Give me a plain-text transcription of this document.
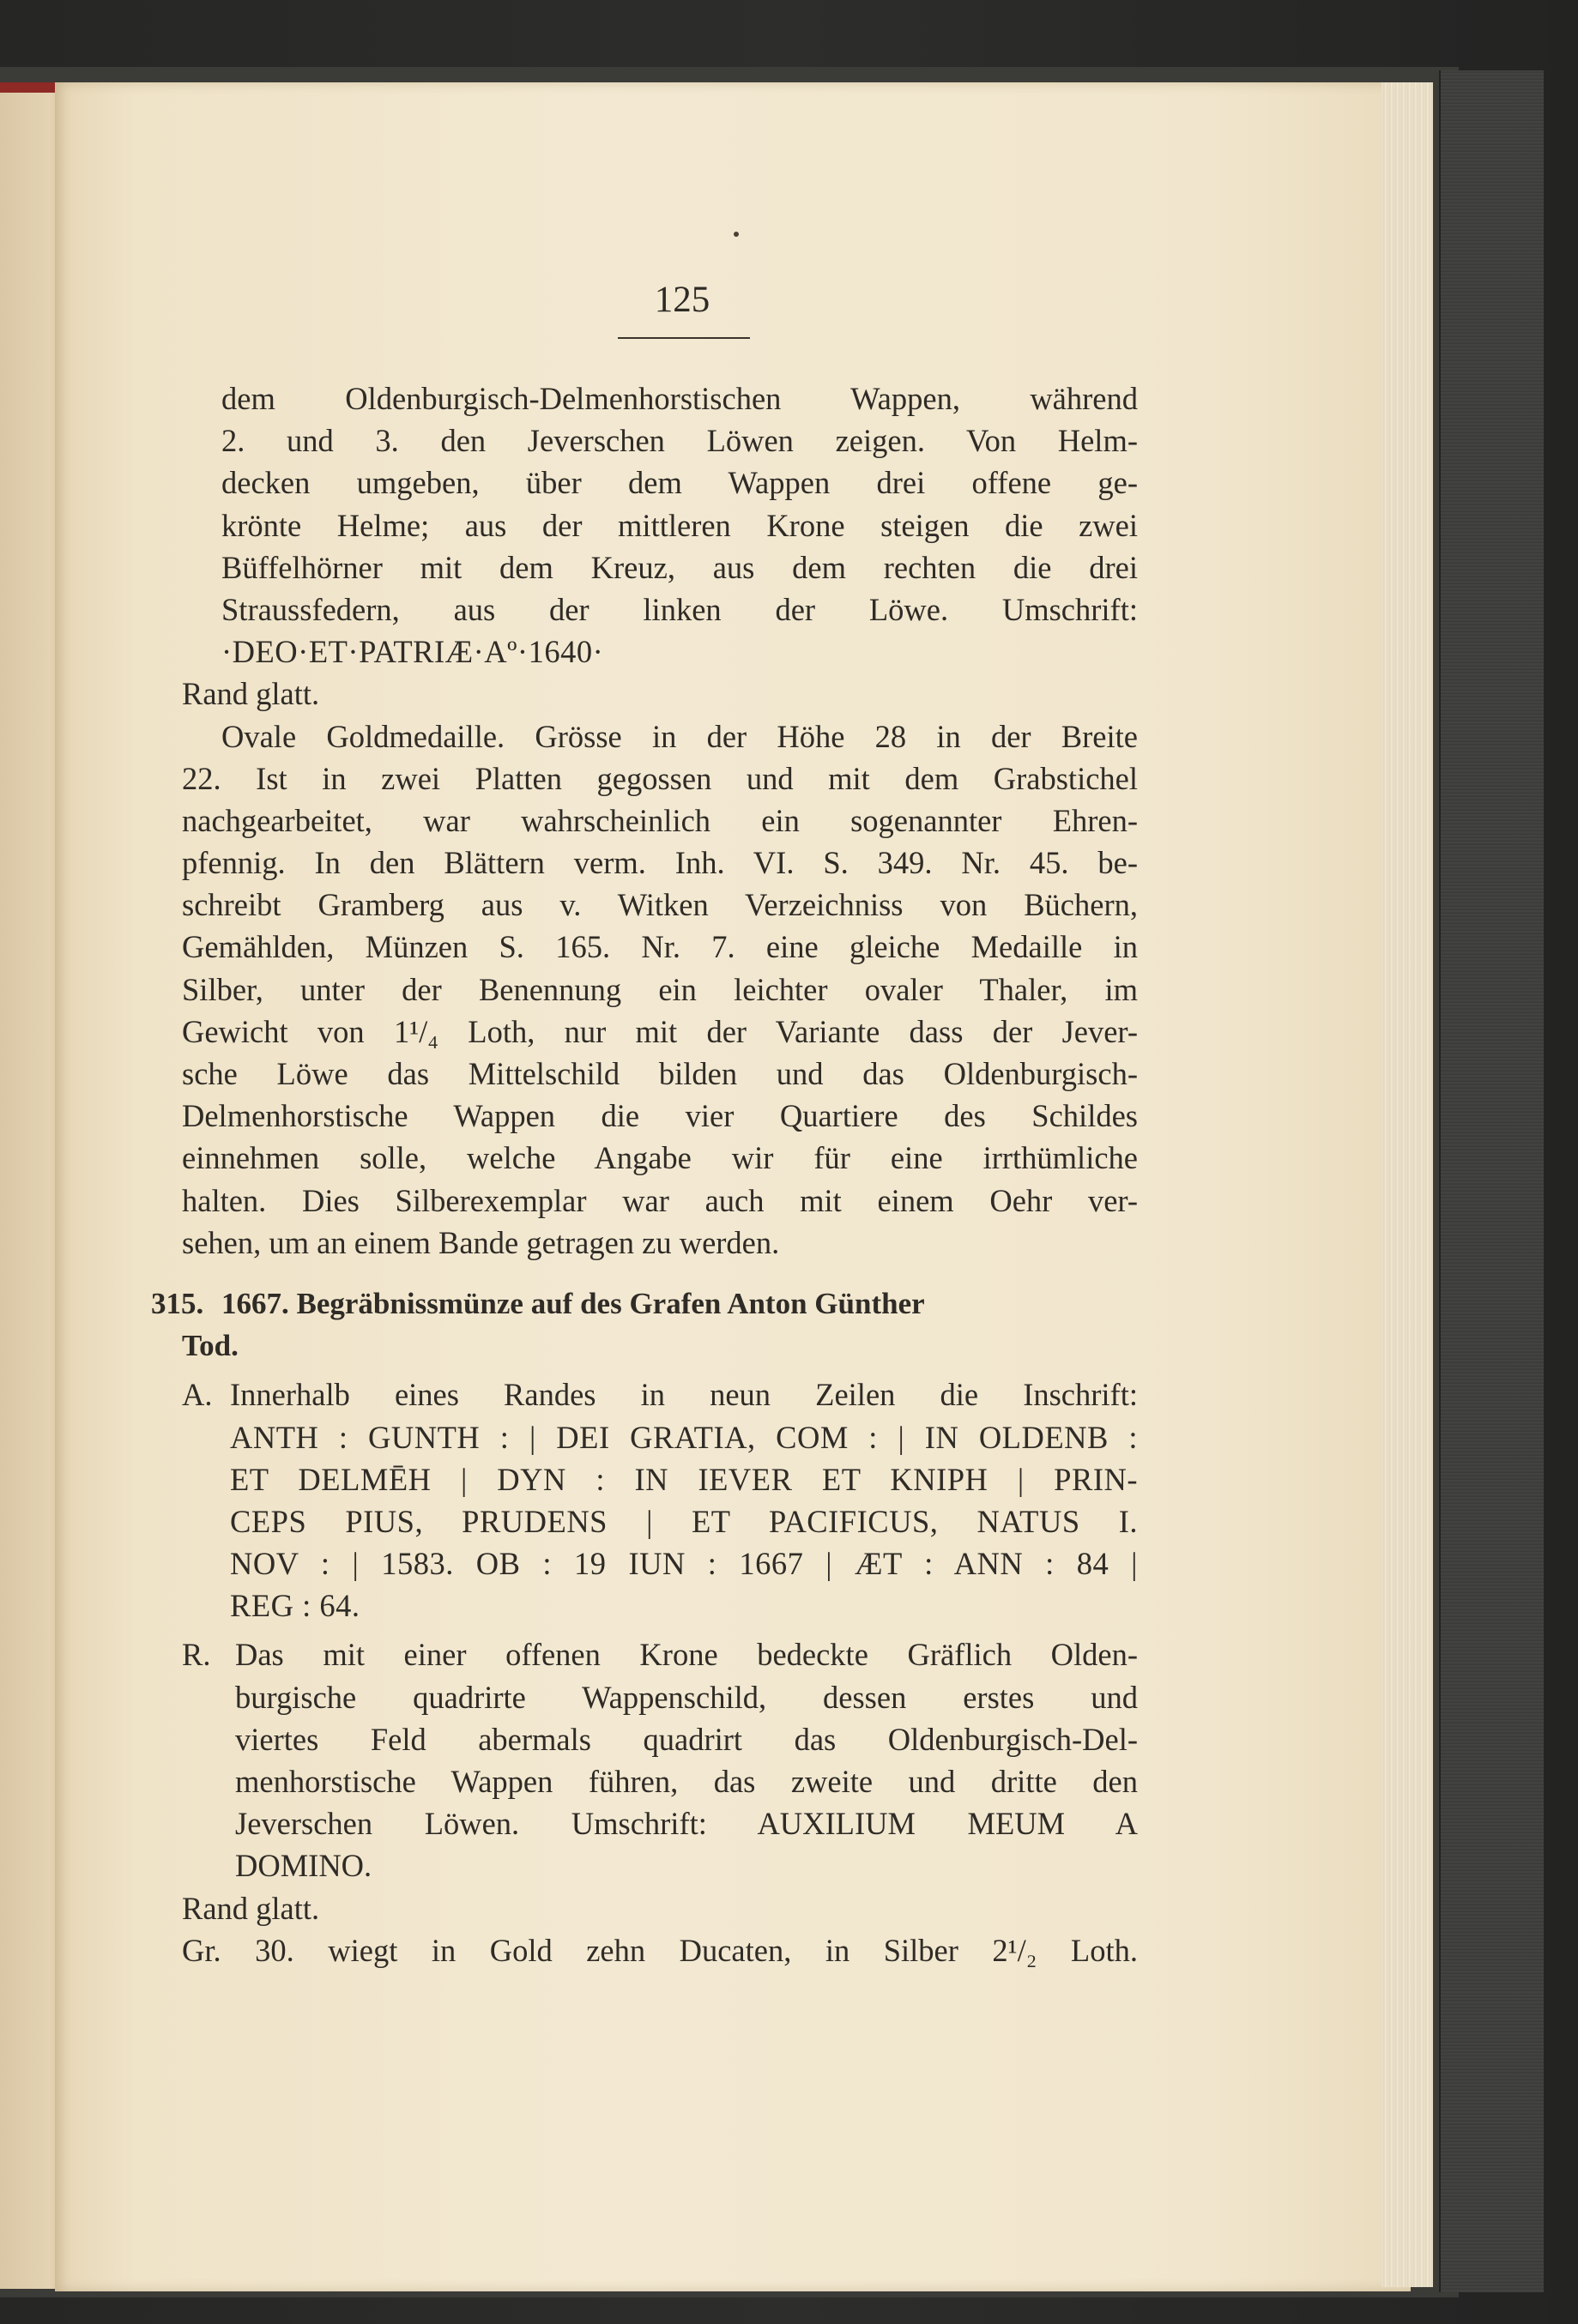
125
dem Oldenburgisch-Delmenhorstischen Wappen, während
2. und 3. den Jeverschen Löwen zeigen. Von Helm-
decken umgeben, über dem Wappen drei offene ge-
krönte Helme; aus der mittleren Krone steigen die zwei
Büffelhörner mit dem Kreuz, aus dem rechten die drei
Straussfedern, aus der linken der Löwe. Umschrift:
·DEO·ET·PATRIÆ·Aº·1640·
Rand glatt.
Ovale Goldmedaille. Grösse in der Höhe 28 in der Breite
22. Ist in zwei Platten gegossen und mit dem Grabstichel
nachgearbeitet, war wahrscheinlich ein sogenannter Ehren-
pfennig. In den Blättern verm. Inh. VI. S. 349. Nr. 45. be-
schreibt Gramberg aus v. Witken Verzeichniss von Büchern,
Gemählden, Münzen S. 165. Nr. 7. eine gleiche Medaille in
Silber, unter der Benennung ein leichter ovaler Thaler, im
Gewicht von 1¹/₄ Loth, nur mit der Variante dass der Jever-
sche Löwe das Mittelschild bilden und das Oldenburgisch-
Delmenhorstische Wappen die vier Quartiere des Schildes
einnehmen solle, welche Angabe wir für eine irrthümliche
halten. Dies Silberexemplar war auch mit einem Oehr ver-
sehen, um an einem Bande getragen zu werden.
315. 1667. Begräbnissmünze auf des Grafen Anton Günther
Tod.
A. Innerhalb eines Randes in neun Zeilen die Inschrift:
ANTH : GUNTH : | DEI GRATIA, COM : | IN OLDENB :
ET DELMĒH | DYN : IN IEVER ET KNIPH | PRIN-
CEPS PIUS, PRUDENS | ET PACIFICUS, NATUS I.
NOV : | 1583. OB : 19 IUN : 1667 | ÆT : ANN : 84 |
REG : 64.
R. Das mit einer offenen Krone bedeckte Gräflich Olden-
burgische quadrirte Wappenschild, dessen erstes und
viertes Feld abermals quadrirt das Oldenburgisch-Del-
menhorstische Wappen führen, das zweite und dritte den
Jeverschen Löwen. Umschrift: AUXILIUM MEUM A
DOMINO.
Rand glatt.
Gr. 30. wiegt in Gold zehn Ducaten, in Silber 2¹/₂ Loth.
